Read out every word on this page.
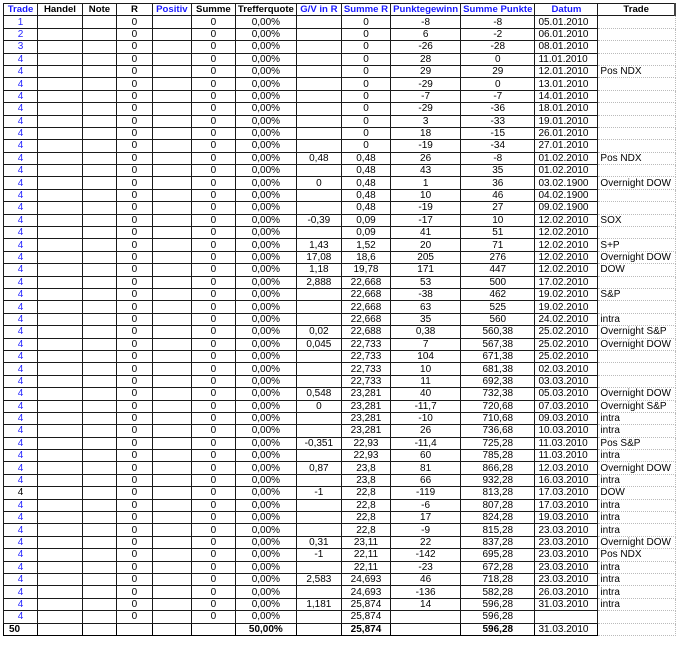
Trade	Handel	Note	R	Positiv	Summe	Trefferquote	G/V in R	Summe R	Punktegewinn	Summe Punkte	Datum	Trade
1			0		0	0,00%		0	-8	-8	05.01.2010	
2			0		0	0,00%		0	6	-2	06.01.2010	
3			0		0	0,00%		0	-26	-28	08.01.2010	
4			0		0	0,00%		0	28	0	11.01.2010	
4			0		0	0,00%		0	29	29	12.01.2010	Pos NDX
4			0		0	0,00%		0	-29	0	13.01.2010	
4			0		0	0,00%		0	-7	-7	14.01.2010	
4			0		0	0,00%		0	-29	-36	18.01.2010	
4			0		0	0,00%		0	3	-33	19.01.2010	
4			0		0	0,00%		0	18	-15	26.01.2010	
4			0		0	0,00%		0	-19	-34	27.01.2010	
4			0		0	0,00%	0,48	0,48	26	-8	01.02.2010	Pos NDX
4			0		0	0,00%		0,48	43	35	01.02.2010	
4			0		0	0,00%	0	0,48	1	36	03.02.1900	Overnight DOW
4			0		0	0,00%		0,48	10	46	04.02.1900	
4			0		0	0,00%		0,48	-19	27	09.02.1900	
4			0		0	0,00%	-0,39	0,09	-17	10	12.02.2010	SOX
4			0		0	0,00%		0,09	41	51	12.02.2010	
4			0		0	0,00%	1,43	1,52	20	71	12.02.2010	S+P
4			0		0	0,00%	17,08	18,6	205	276	12.02.2010	Overnight DOW
4			0		0	0,00%	1,18	19,78	171	447	12.02.2010	DOW
4			0		0	0,00%	2,888	22,668	53	500	17.02.2010	
4			0		0	0,00%		22,668	-38	462	19.02.2010	S&P
4			0		0	0,00%		22,668	63	525	19.02.2010	
4			0		0	0,00%		22,668	35	560	24.02.2010	intra
4			0		0	0,00%	0,02	22,688	0,38	560,38	25.02.2010	Overnight S&P
4			0		0	0,00%	0,045	22,733	7	567,38	25.02.2010	Overnight DOW
4			0		0	0,00%		22,733	104	671,38	25.02.2010	
4			0		0	0,00%		22,733	10	681,38	02.03.2010	
4			0		0	0,00%		22,733	11	692,38	03.03.2010	
4			0		0	0,00%	0,548	23,281	40	732,38	05.03.2010	Overnight DOW
4			0		0	0,00%	0	23,281	-11,7	720,68	07.03.2010	Overnight S&P
4			0		0	0,00%		23,281	-10	710,68	09.03.2010	intra
4			0		0	0,00%		23,281	26	736,68	10.03.2010	intra
4			0		0	0,00%	-0,351	22,93	-11,4	725,28	11.03.2010	Pos S&P
4			0		0	0,00%		22,93	60	785,28	11.03.2010	intra
4			0		0	0,00%	0,87	23,8	81	866,28	12.03.2010	Overnight DOW
4			0		0	0,00%		23,8	66	932,28	16.03.2010	intra
4			0		0	0,00%	-1	22,8	-119	813,28	17.03.2010	DOW
4			0		0	0,00%		22,8	-6	807,28	17.03.2010	intra
4			0		0	0,00%		22,8	17	824,28	19.03.2010	intra
4			0		0	0,00%		22,8	-9	815,28	23.03.2010	intra
4			0		0	0,00%	0,31	23,11	22	837,28	23.03.2010	Overnight DOW
4			0		0	0,00%	-1	22,11	-142	695,28	23.03.2010	Pos NDX
4			0		0	0,00%		22,11	-23	672,28	23.03.2010	intra
4			0		0	0,00%	2,583	24,693	46	718,28	23.03.2010	intra
4			0		0	0,00%		24,693	-136	582,28	26.03.2010	intra
4			0		0	0,00%	1,181	25,874	14	596,28	31.03.2010	intra
4			0		0	0,00%		25,874		596,28		
50						50,00%		25,874		596,28	31.03.2010	
